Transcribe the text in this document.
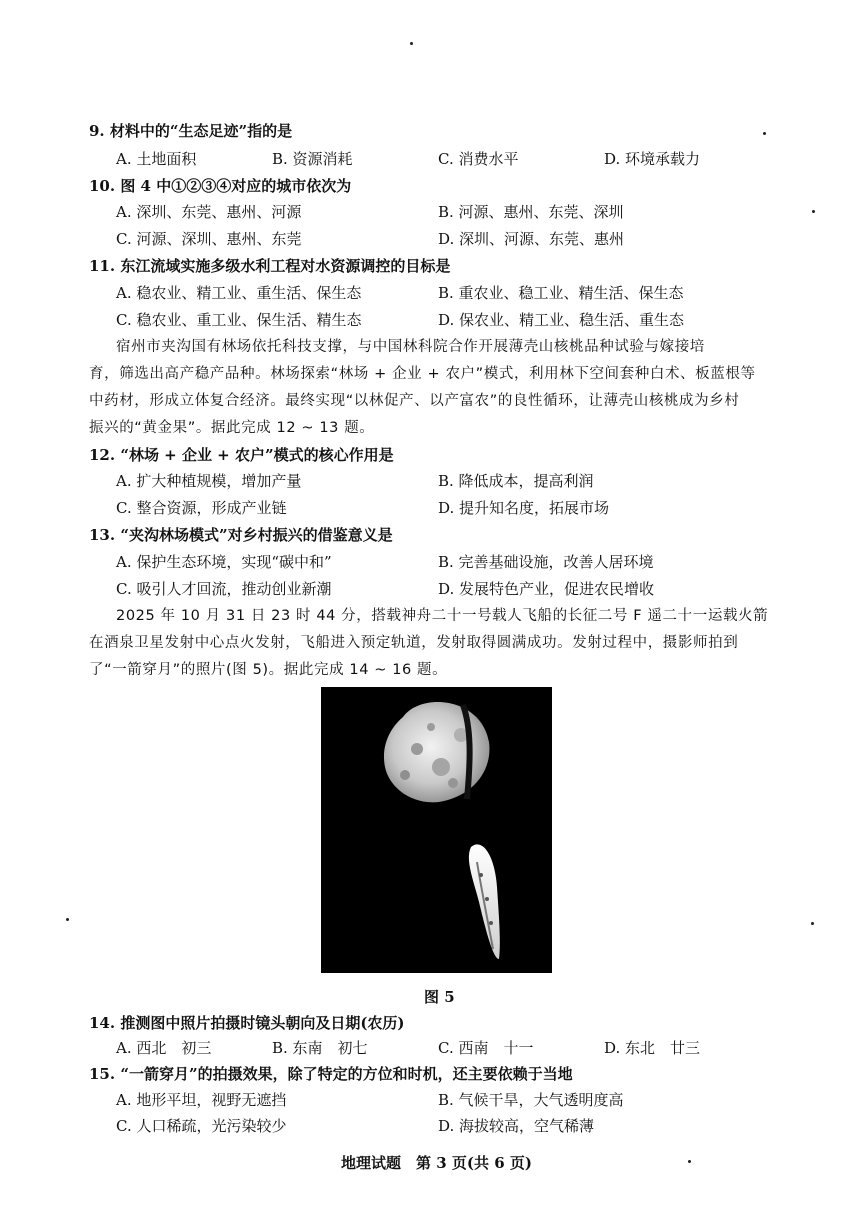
9. 材料中的“生态足迹”指的是
A. 土地面积	B. 资源消耗	C. 消费水平	D. 环境承载力
10. 图 4 中①②③④对应的城市依次为
A. 深圳、东莞、惠州、河源	B. 河源、惠州、东莞、深圳
C. 河源、深圳、惠州、东莞	D. 深圳、河源、东莞、惠州
11. 东江流域实施多级水利工程对水资源调控的目标是
A. 稳农业、精工业、重生活、保生态	B. 重农业、稳工业、精生活、保生态
C. 稳农业、重工业、保生活、精生态	D. 保农业、精工业、稳生活、重生态
宿州市夹沟国有林场依托科技支撑，与中国林科院合作开展薄壳山核桃品种试验与嫁接培
育，筛选出高产稳产品种。林场探索“林场 + 企业 + 农户”模式，利用林下空间套种白术、板蓝根等
中药材，形成立体复合经济。最终实现“以林促产、以产富农”的良性循环，让薄壳山核桃成为乡村
振兴的“黄金果”。据此完成 12 ~ 13 题。
12. “林场 + 企业 + 农户”模式的核心作用是
A. 扩大种植规模，增加产量	B. 降低成本，提高利润
C. 整合资源，形成产业链	D. 提升知名度，拓展市场
13. “夹沟林场模式”对乡村振兴的借鉴意义是
A. 保护生态环境，实现“碳中和”	B. 完善基础设施，改善人居环境
C. 吸引人才回流，推动创业新潮	D. 发展特色产业，促进农民增收
2025 年 10 月 31 日 23 时 44 分，搭载神舟二十一号载人飞船的长征二号 F 遥二十一运载火箭
在酒泉卫星发射中心点火发射，飞船进入预定轨道，发射取得圆满成功。发射过程中，摄影师拍到
了“一箭穿月”的照片(图 5)。据此完成 14 ~ 16 题。
图 5
14. 推测图中照片拍摄时镜头朝向及日期(农历)
A. 西北　初三	B. 东南　初七	C. 西南　十一	D. 东北　廿三
15. “一箭穿月”的拍摄效果，除了特定的方位和时机，还主要依赖于当地
A. 地形平坦，视野无遮挡	B. 气候干旱，大气透明度高
C. 人口稀疏，光污染较少	D. 海拔较高，空气稀薄
地理试题　第 3 页(共 6 页)
